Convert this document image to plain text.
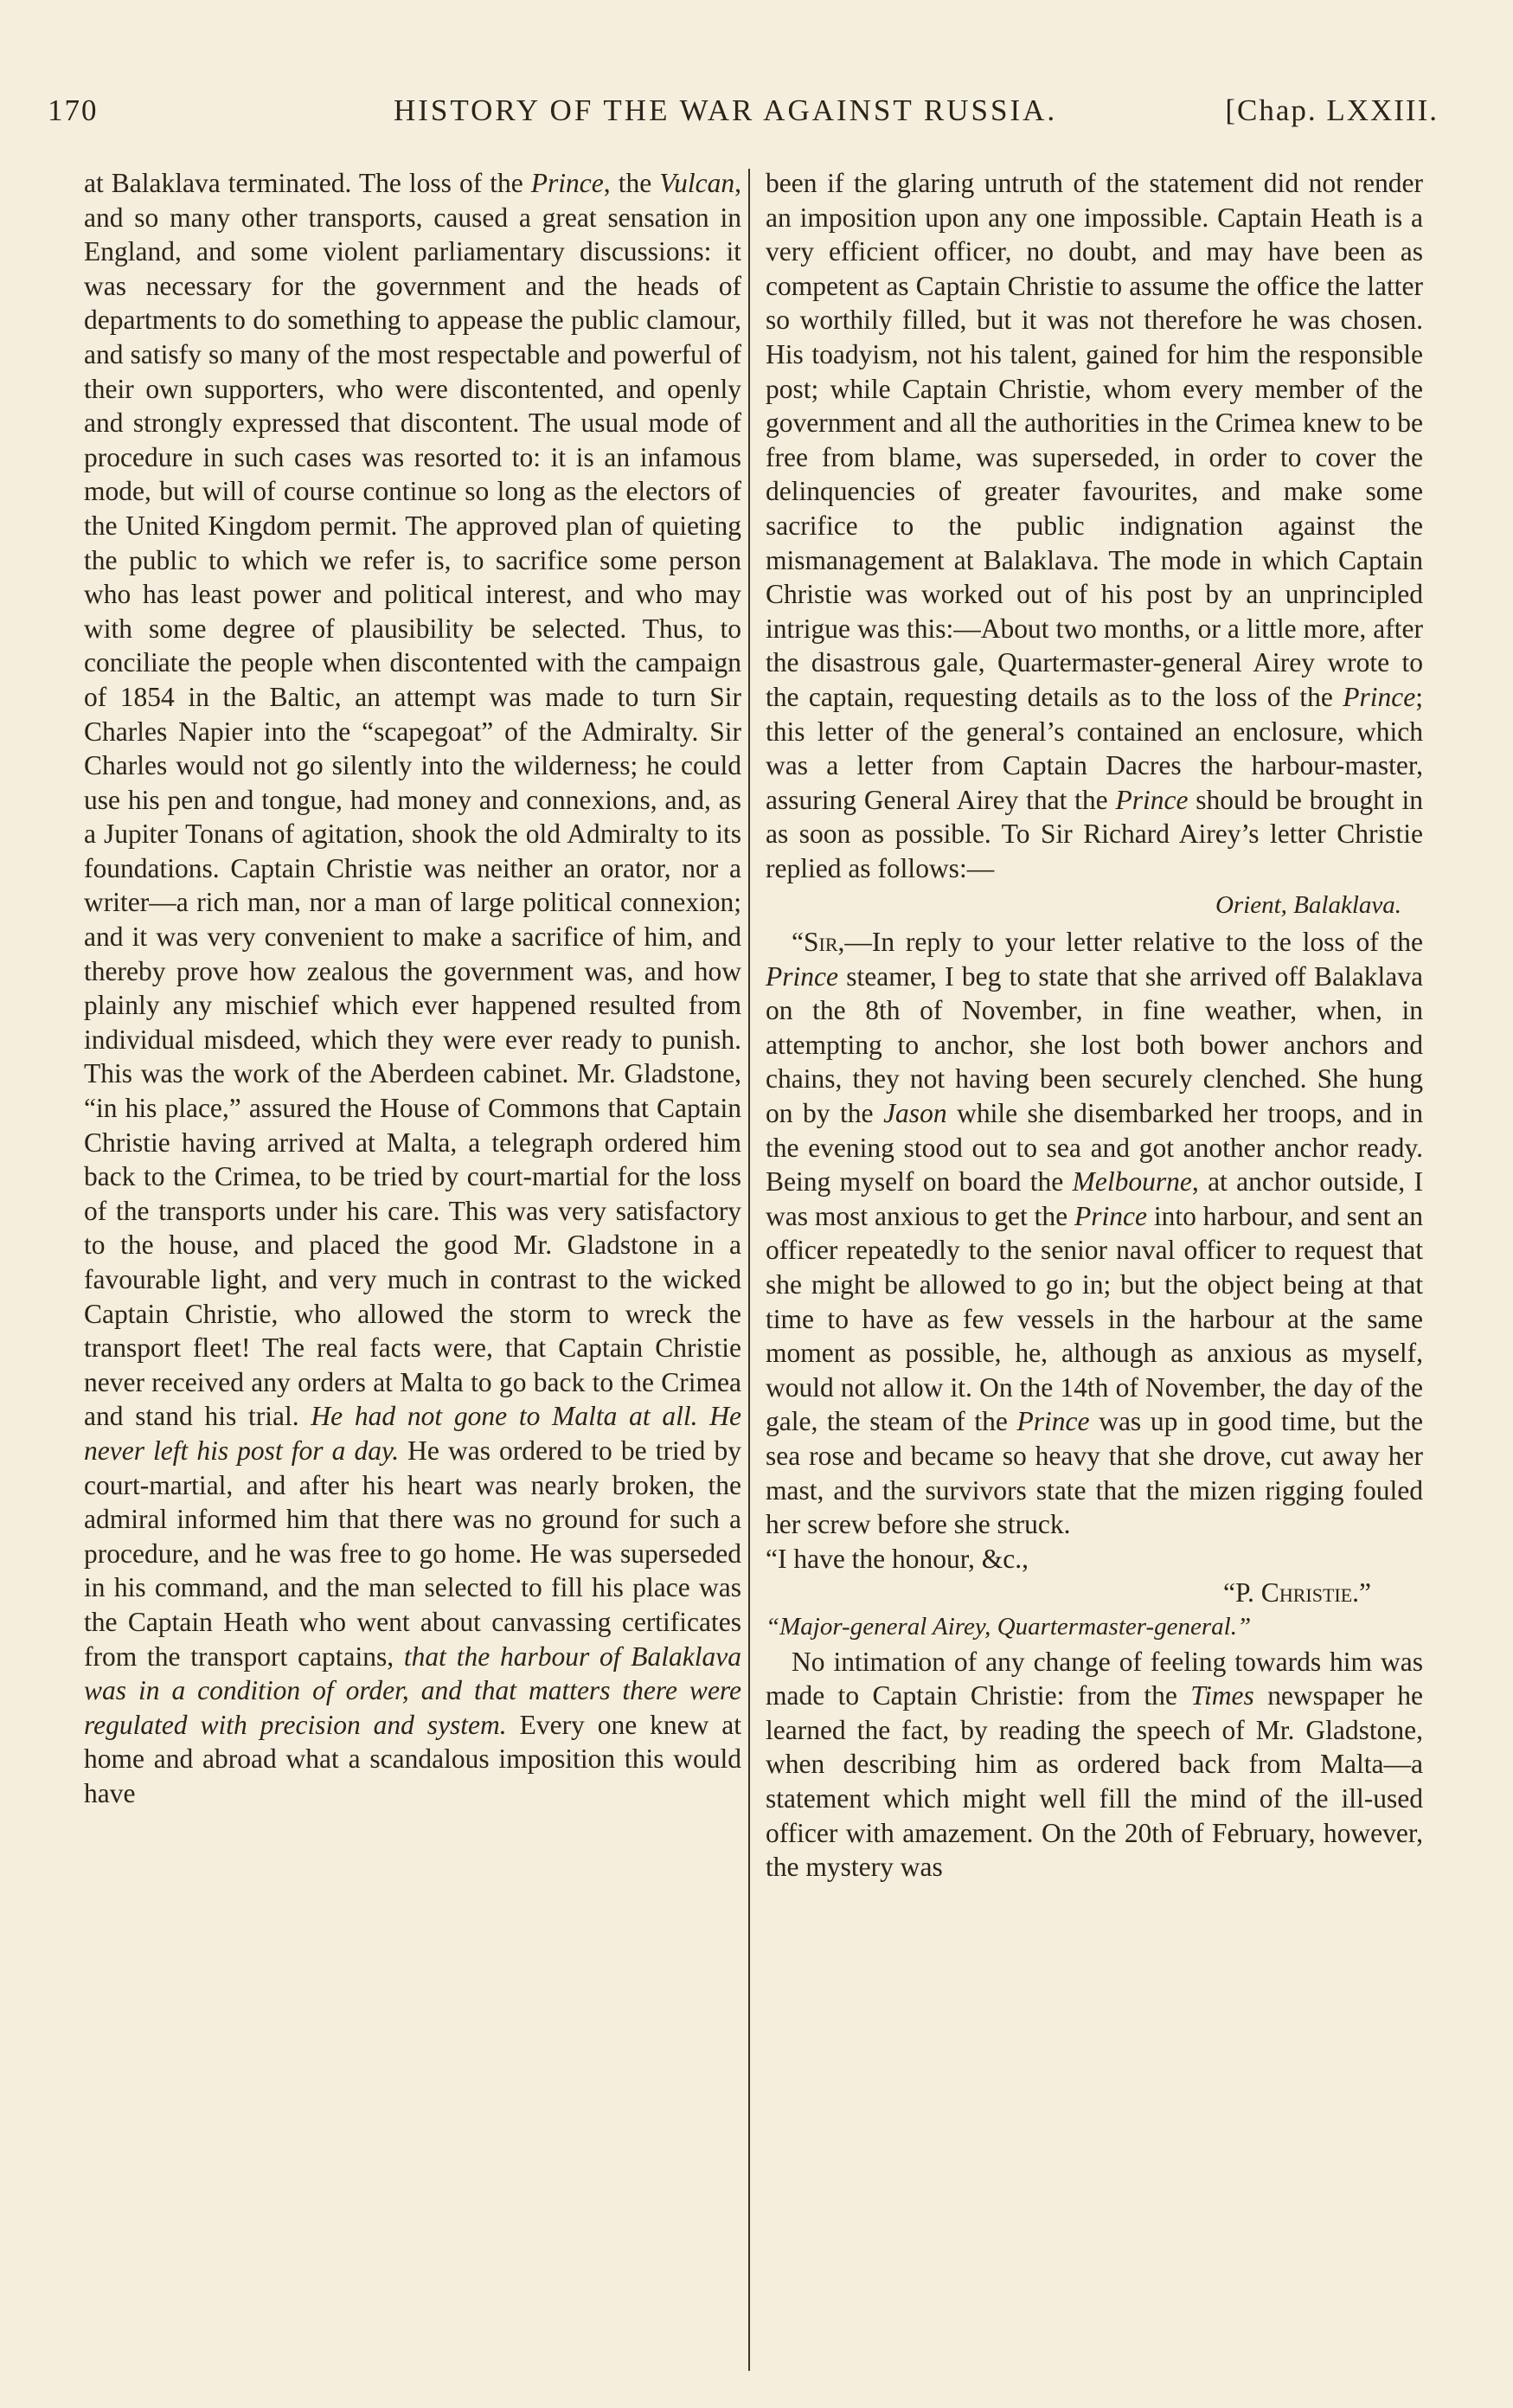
170	HISTORY OF THE WAR AGAINST RUSSIA.	[Chap. LXXIII.

at Balaklava terminated. The loss of the Prince, the Vulcan, and so many other transports, caused a great sensation in England, and some violent parliamentary discussions: it was necessary for the government and the heads of departments to do something to appease the public clamour, and satisfy so many of the most respectable and powerful of their own supporters, who were discontented, and openly and strongly expressed that discontent. The usual mode of procedure in such cases was resorted to: it is an infamous mode, but will of course continue so long as the electors of the United Kingdom permit. The approved plan of quieting the public to which we refer is, to sacrifice some person who has least power and political interest, and who may with some degree of plausibility be selected. Thus, to conciliate the people when discontented with the campaign of 1854 in the Baltic, an attempt was made to turn Sir Charles Napier into the “scapegoat” of the Admiralty. Sir Charles would not go silently into the wilderness; he could use his pen and tongue, had money and connexions, and, as a Jupiter Tonans of agitation, shook the old Admiralty to its foundations. Captain Christie was neither an orator, nor a writer—a rich man, nor a man of large political connexion; and it was very convenient to make a sacrifice of him, and thereby prove how zealous the government was, and how plainly any mischief which ever happened resulted from individual misdeed, which they were ever ready to punish. This was the work of the Aberdeen cabinet. Mr. Gladstone, “in his place,” assured the House of Commons that Captain Christie having arrived at Malta, a telegraph ordered him back to the Crimea, to be tried by court-martial for the loss of the transports under his care. This was very satisfactory to the house, and placed the good Mr. Gladstone in a favourable light, and very much in contrast to the wicked Captain Christie, who allowed the storm to wreck the transport fleet! The real facts were, that Captain Christie never received any orders at Malta to go back to the Crimea and stand his trial. He had not gone to Malta at all. He never left his post for a day. He was ordered to be tried by court-martial, and after his heart was nearly broken, the admiral informed him that there was no ground for such a procedure, and he was free to go home. He was superseded in his command, and the man selected to fill his place was the Captain Heath who went about canvassing certificates from the transport captains, that the harbour of Balaklava was in a condition of order, and that matters there were regulated with precision and system. Every one knew at home and abroad what a scandalous imposition this would have

been if the glaring untruth of the statement did not render an imposition upon any one impossible. Captain Heath is a very efficient officer, no doubt, and may have been as competent as Captain Christie to assume the office the latter so worthily filled, but it was not therefore he was chosen. His toadyism, not his talent, gained for him the responsible post; while Captain Christie, whom every member of the government and all the authorities in the Crimea knew to be free from blame, was superseded, in order to cover the delinquencies of greater favourites, and make some sacrifice to the public indignation against the mismanagement at Balaklava. The mode in which Captain Christie was worked out of his post by an unprincipled intrigue was this:—About two months, or a little more, after the disastrous gale, Quartermaster-general Airey wrote to the captain, requesting details as to the loss of the Prince; this letter of the general’s contained an enclosure, which was a letter from Captain Dacres the harbour-master, assuring General Airey that the Prince should be brought in as soon as possible. To Sir Richard Airey’s letter Christie replied as follows:—

Orient, Balaklava.

“Sir,—In reply to your letter relative to the loss of the Prince steamer, I beg to state that she arrived off Balaklava on the 8th of November, in fine weather, when, in attempting to anchor, she lost both bower anchors and chains, they not having been securely clenched. She hung on by the Jason while she disembarked her troops, and in the evening stood out to sea and got another anchor ready. Being myself on board the Melbourne, at anchor outside, I was most anxious to get the Prince into harbour, and sent an officer repeatedly to the senior naval officer to request that she might be allowed to go in; but the object being at that time to have as few vessels in the harbour at the same moment as possible, he, although as anxious as myself, would not allow it. On the 14th of November, the day of the gale, the steam of the Prince was up in good time, but the sea rose and became so heavy that she drove, cut away her mast, and the survivors state that the mizen rigging fouled her screw before she struck.

“I have the honour, &c.,

“P. Christie.”

“Major-general Airey, Quartermaster-general.”

No intimation of any change of feeling towards him was made to Captain Christie: from the Times newspaper he learned the fact, by reading the speech of Mr. Gladstone, when describing him as ordered back from Malta—a statement which might well fill the mind of the ill-used officer with amazement. On the 20th of February, however, the mystery was
